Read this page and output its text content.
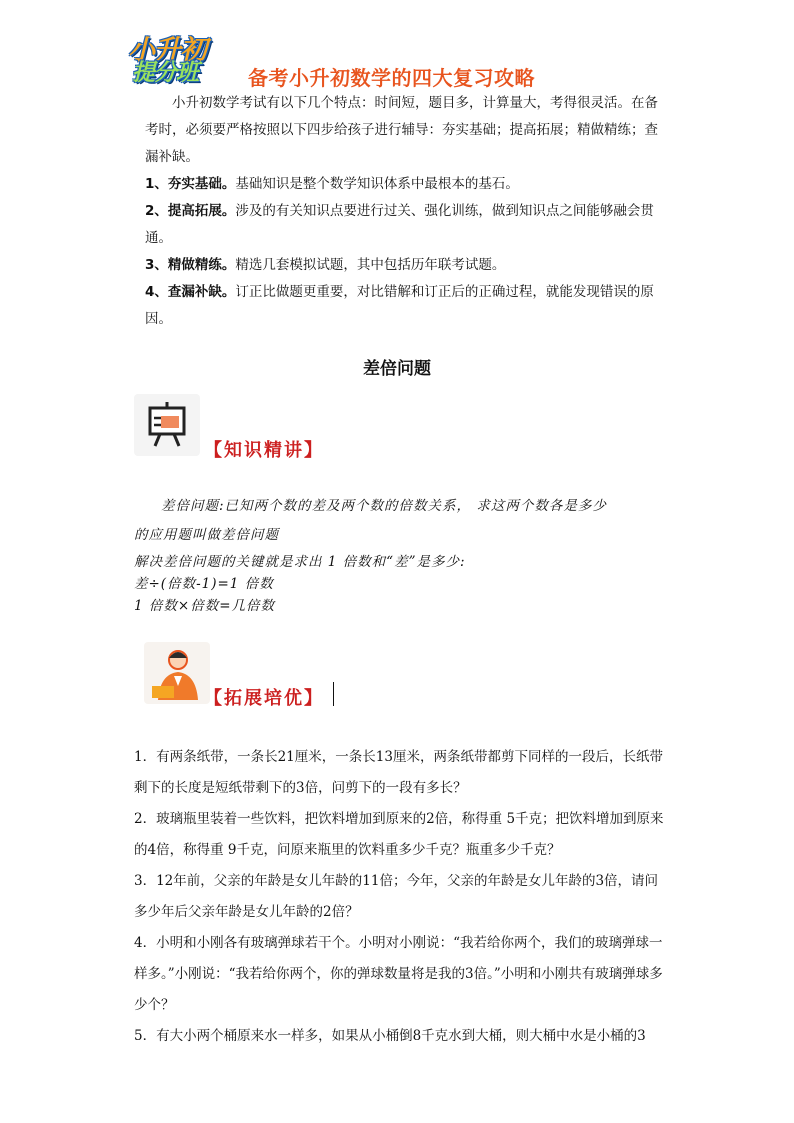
小升初
提分班	备考小升初数学的四大复习攻略
小升初数学考试有以下几个特点：时间短，题目多，计算量大，考得很灵活。在备考时，必须要严格按照以下四步给孩子进行辅导：夯实基础；提高拓展；精做精练；查漏补缺。
1、夯实基础。基础知识是整个数学知识体系中最根本的基石。
2、提高拓展。涉及的有关知识点要进行过关、强化训练，做到知识点之间能够融会贯通。
3、精做精练。精选几套模拟试题，其中包括历年联考试题。
4、查漏补缺。订正比做题更重要，对比错解和订正后的正确过程，就能发现错误的原因。
差倍问题
【知识精讲】
差倍问题:已知两个数的差及两个数的倍数关系， 求这两个数各是多少
的应用题叫做差倍问题
解决差倍问题的关键就是求出 1 倍数和“差”是多少:
差÷(倍数-1)=1 倍数
1 倍数×倍数=几倍数
【拓展培优】
1．有两条纸带，一条长21厘米，一条长13厘米，两条纸带都剪下同样的一段后，长纸带剩下的长度是短纸带剩下的3倍，问剪下的一段有多长？
2．玻璃瓶里装着一些饮料，把饮料增加到原来的2倍，称得重 5千克；把饮料增加到原来的4倍，称得重 9千克，问原来瓶里的饮料重多少千克？瓶重多少千克？
3．12年前，父亲的年龄是女儿年龄的11倍；今年，父亲的年龄是女儿年龄的3倍，请问多少年后父亲年龄是女儿年龄的2倍？
4．小明和小刚各有玻璃弹球若干个。小明对小刚说：“我若给你两个，我们的玻璃弹球一样多。”小刚说：“我若给你两个，你的弹球数量将是我的3倍。”小明和小刚共有玻璃弹球多少个？
5．有大小两个桶原来水一样多，如果从小桶倒8千克水到大桶，则大桶中水是小桶的3
